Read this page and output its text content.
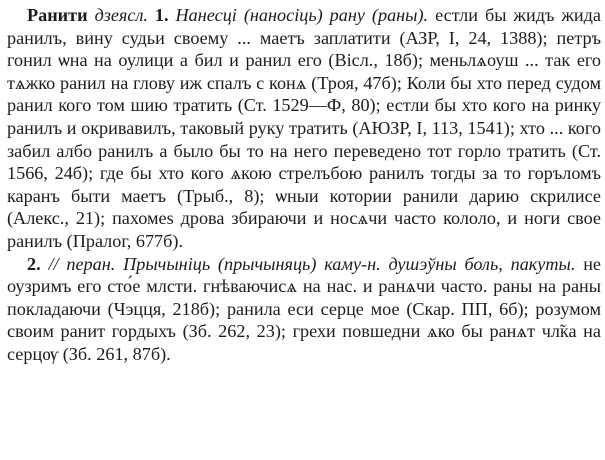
Ранити дзеясл. 1. Нанесці (наносіць) рану (раны). естли бы жидъ жида ранилъ, вину судьи своему ... маетъ заплатити (АЗР, I, 24, 1388); петръ гонил ѡна на оулици а бил и ранил его (Вісл., 18б); меньлѧоуш ... так его тѧжко ранил на глову иж спалъ с конѧ (Троя, 47б); Коли бы хто перед судом ранил кого том шию тратить (Ст. 1529—Ф, 80); естли бы хто кого на ринку ранилъ и окривавилъ, таковый руку тратить (АЮЗР, I, 113, 1541); хто ... кого забил албо ранилъ а было бы то на него переведено тот горло тратить (Ст. 1566, 24б); где бы хто кого ѧкою стрелъбою ранилъ тогды за то горъломъ каранъ быти маетъ (Трыб., 8); ѡныи котории ранили дарию скрилисе (Алекс., 21); пахомеѕ дрова збираючи и носѧчи часто кололо, и ноги свое ранилъ (Пралог, 677б).

2. // перан. Прычыніць (прычыняць) каму-н. душэўны боль, пакуты. не оузримъ его сто́е млсти. гнѣваючисѧ на нас. и ранѧчи часто. раны на раны покладаючи (Чэцця, 218б); ранила еси серце мое (Скар. ПП, 6б); розумом своим ранит гордыхъ (Зб. 262, 23); грехи повшедни ѧко бы ранѧт чл̃ка на серцѹ (Зб. 261, 87б).
